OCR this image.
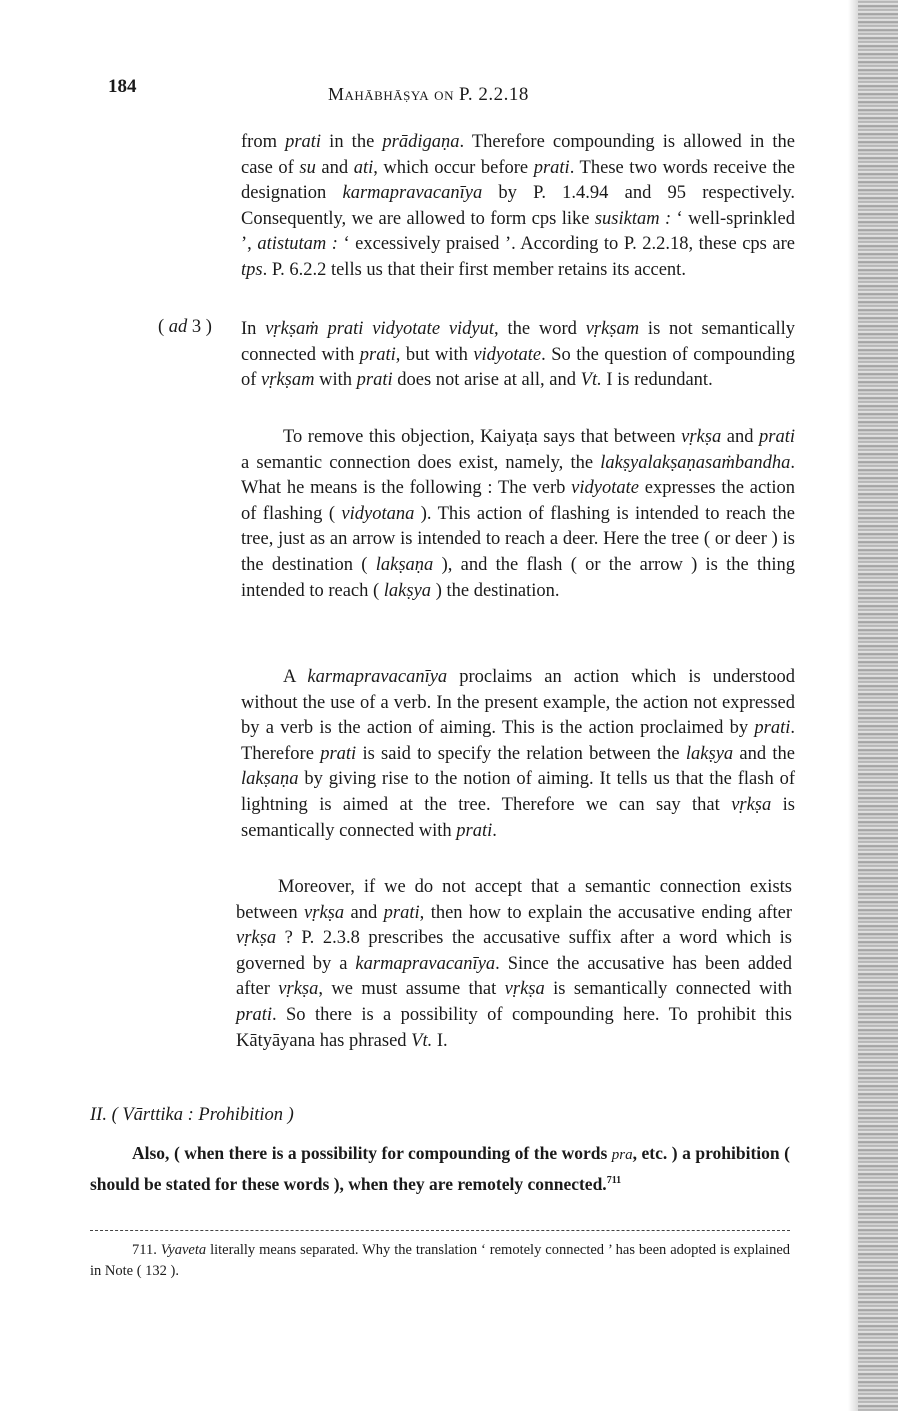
184	Mahābhāṣya on P. 2.2.18

from prati in the prādigaṇa. Therefore compounding is allowed in the case of su and ati, which occur before prati. These two words receive the designation karmapravacanīya by P. 1.4.94 and 95 respectively. Consequently, we are allowed to form cps like susiktam : ‘ well-sprinkled ’, atistutam : ‘ excessively praised ’. According to P. 2.2.18, these cps are tps. P. 6.2.2 tells us that their first member retains its accent.

( ad 3 ) In vṛkṣaṁ prati vidyotate vidyut, the word vṛkṣam is not semantically connected with prati, but with vidyotate. So the question of compounding of vṛkṣam with prati does not arise at all, and Vt. I is redundant.

To remove this objection, Kaiyaṭa says that between vṛkṣa and prati a semantic connection does exist, namely, the lakṣyalakṣaṇasaṁbandha. What he means is the following : The verb vidyotate expresses the action of flashing ( vidyotana ). This action of flashing is intended to reach the tree, just as an arrow is intended to reach a deer. Here the tree ( or deer ) is the destination ( lakṣaṇa ), and the flash ( or the arrow ) is the thing intended to reach ( lakṣya ) the destination.

A karmapravacanīya proclaims an action which is understood without the use of a verb. In the present example, the action not expressed by a verb is the action of aiming. This is the action proclaimed by prati. Therefore prati is said to specify the relation between the lakṣya and the lakṣaṇa by giving rise to the notion of aiming. It tells us that the flash of lightning is aimed at the tree. Therefore we can say that vṛkṣa is semantically connected with prati.

Moreover, if we do not accept that a semantic connection exists between vṛkṣa and prati, then how to explain the accusative ending after vṛkṣa ? P. 2.3.8 prescribes the accusative suffix after a word which is governed by a karmapravacanīya. Since the accusative has been added after vṛkṣa, we must assume that vṛkṣa is semantically connected with prati. So there is a possibility of compounding here. To prohibit this Kātyāyana has phrased Vt. I.

II. ( Vārttika : Prohibition )

Also, ( when there is a possibility for compounding of the words pra, etc. ) a prohibition ( should be stated for these words ), when they are remotely connected.$^{711}$

711. Vyaveta literally means separated. Why the translation ‘ remotely connected ’ has been adopted is explained in Note ( 132 ).
